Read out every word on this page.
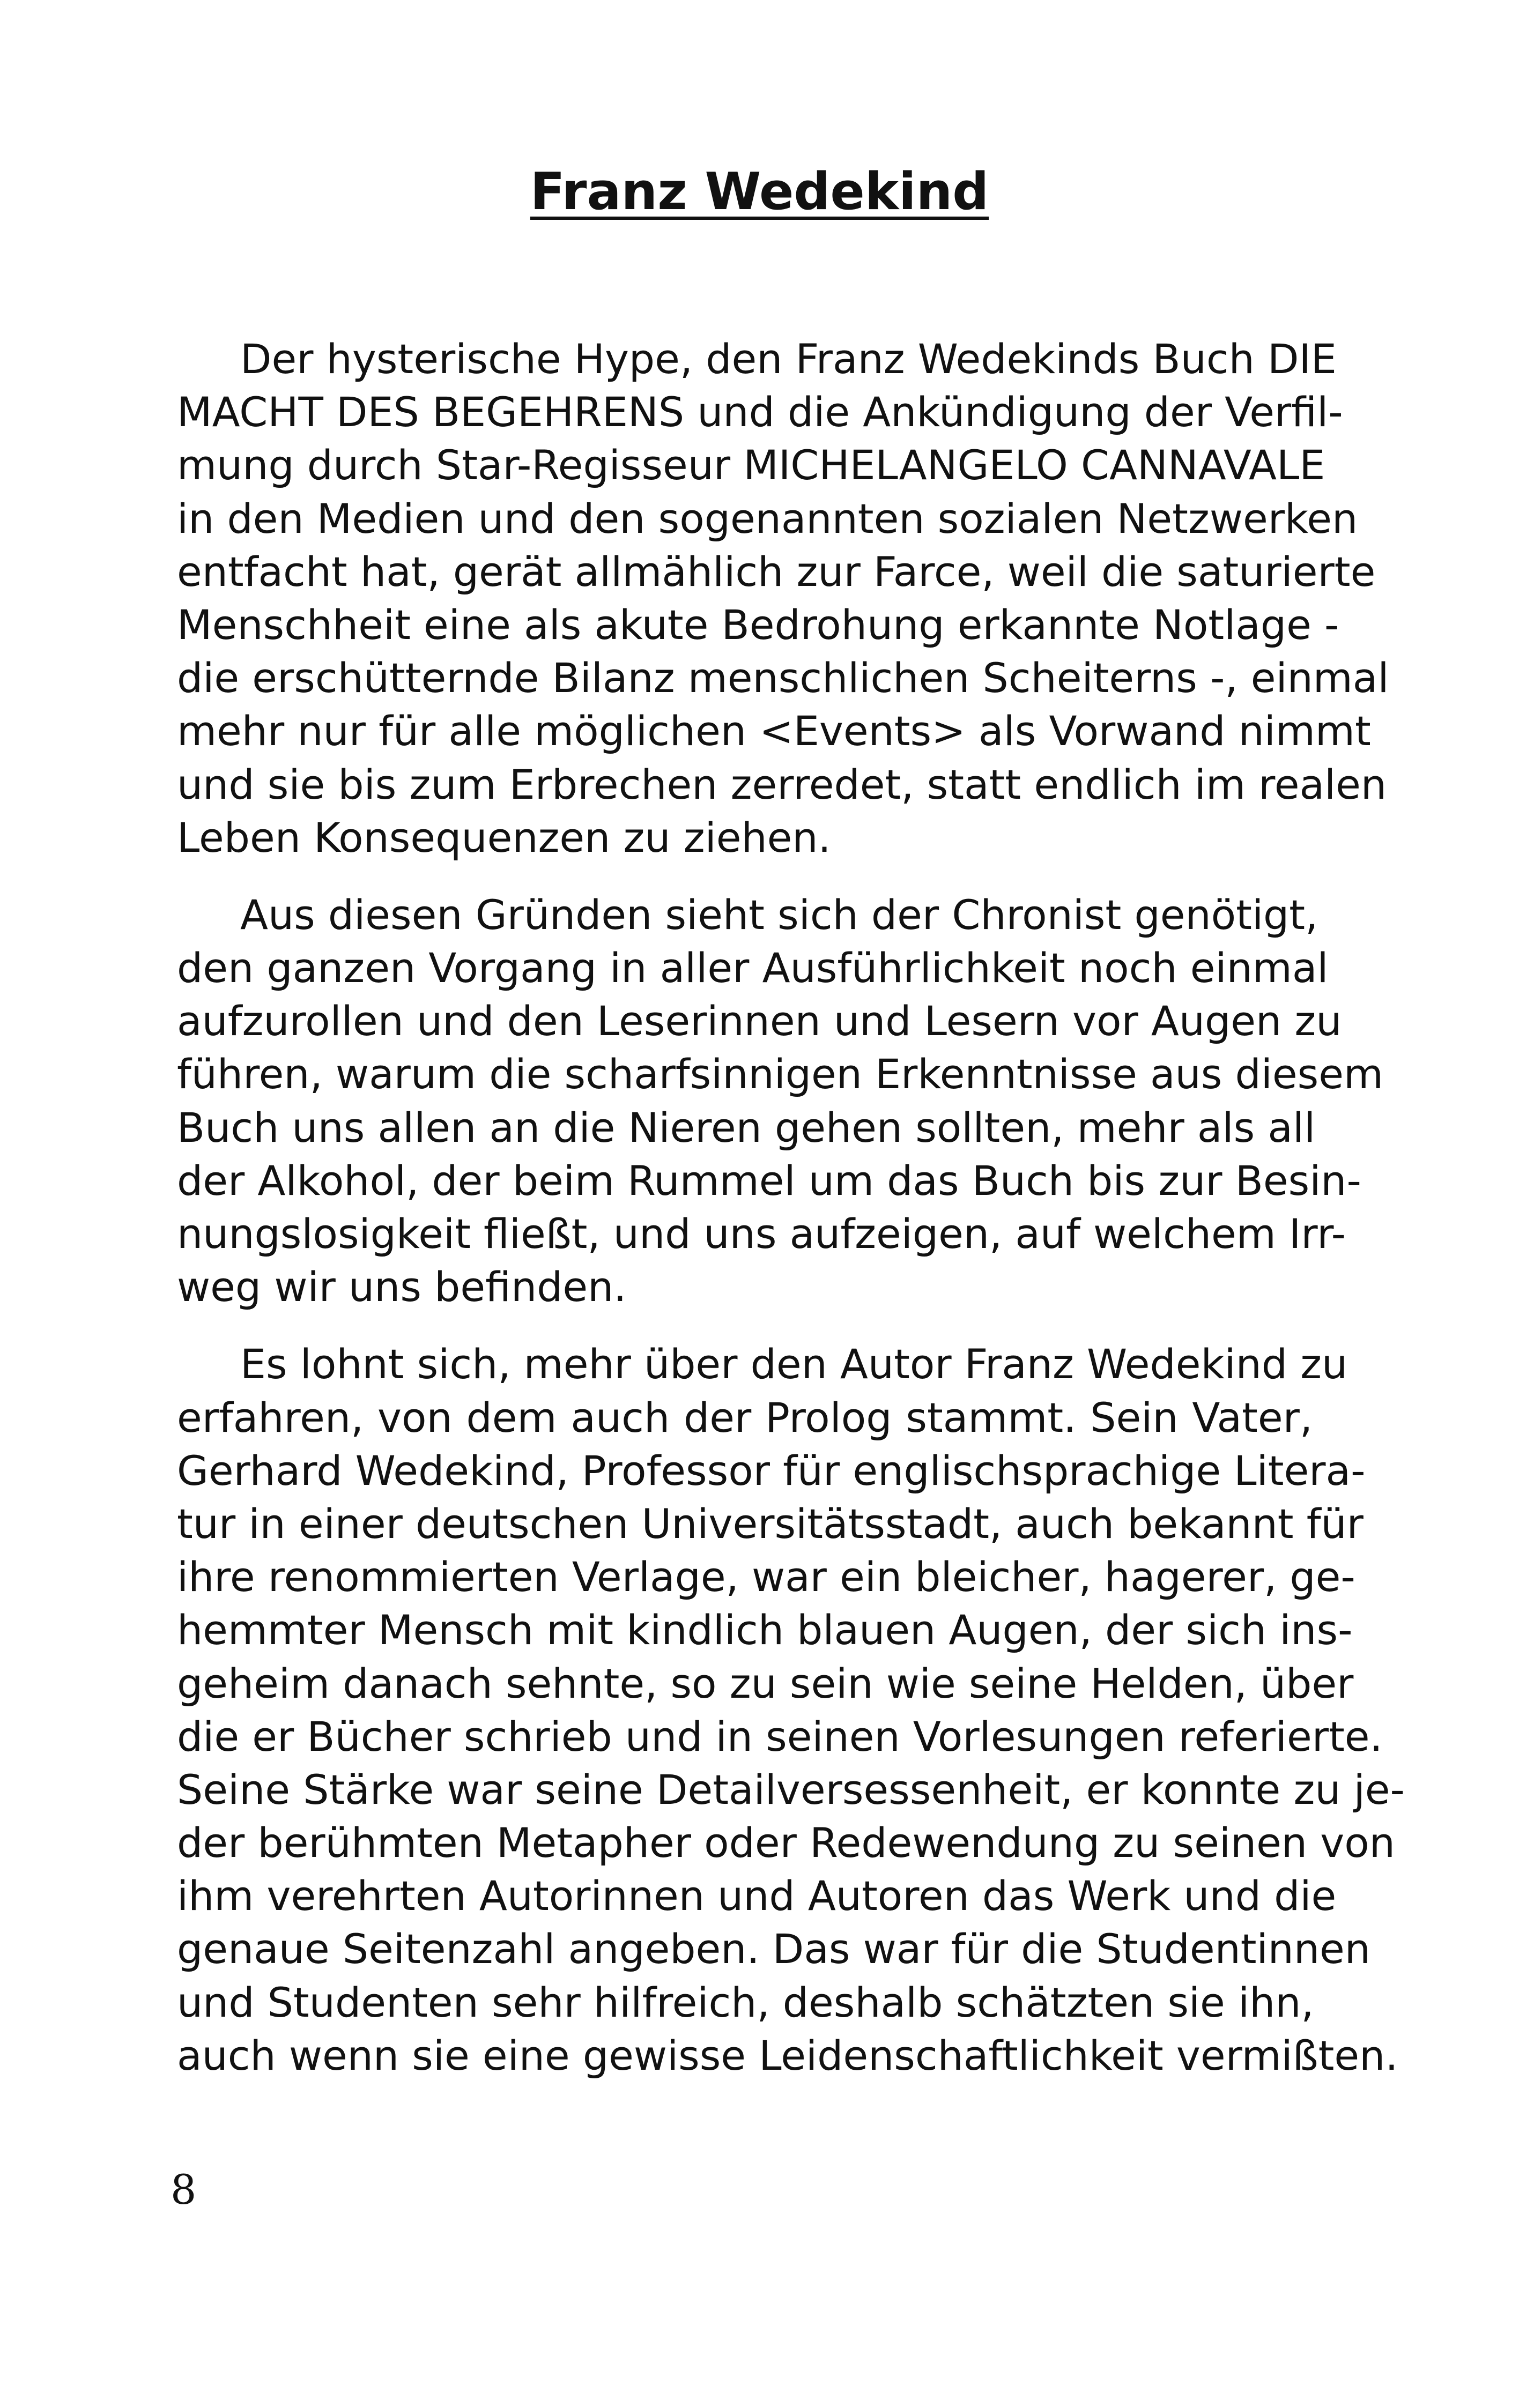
Franz Wedekind

Der hysterische Hype, den Franz Wedekinds Buch DIE
MACHT DES BEGEHRENS und die Ankündigung der Verfil-
mung durch Star-Regisseur MICHELANGELO CANNAVALE
in den Medien und den sogenannten sozialen Netzwerken
entfacht hat, gerät allmählich zur Farce, weil die saturierte
Menschheit eine als akute Bedrohung erkannte Notlage -
die erschütternde Bilanz menschlichen Scheiterns -, einmal
mehr nur für alle möglichen <Events> als Vorwand nimmt
und sie bis zum Erbrechen zerredet, statt endlich im realen
Leben Konsequenzen zu ziehen.

Aus diesen Gründen sieht sich der Chronist genötigt,
den ganzen Vorgang in aller Ausführlichkeit noch einmal
aufzurollen und den Leserinnen und Lesern vor Augen zu
führen, warum die scharfsinnigen Erkenntnisse aus diesem
Buch uns allen an die Nieren gehen sollten, mehr als all
der Alkohol, der beim Rummel um das Buch bis zur Besin-
nungslosigkeit fließt, und uns aufzeigen, auf welchem Irr-
weg wir uns befinden.

Es lohnt sich, mehr über den Autor Franz Wedekind zu
erfahren, von dem auch der Prolog stammt. Sein Vater,
Gerhard Wedekind, Professor für englischsprachige Litera-
tur in einer deutschen Universitätsstadt, auch bekannt für
ihre renommierten Verlage, war ein bleicher, hagerer, ge-
hemmter Mensch mit kindlich blauen Augen, der sich ins-
geheim danach sehnte, so zu sein wie seine Helden, über
die er Bücher schrieb und in seinen Vorlesungen referierte.
Seine Stärke war seine Detailversessenheit, er konnte zu je-
der berühmten Metapher oder Redewendung zu seinen von
ihm verehrten Autorinnen und Autoren das Werk und die
genaue Seitenzahl angeben. Das war für die Studentinnen
und Studenten sehr hilfreich, deshalb schätzten sie ihn,
auch wenn sie eine gewisse Leidenschaftlichkeit vermißten.

8
